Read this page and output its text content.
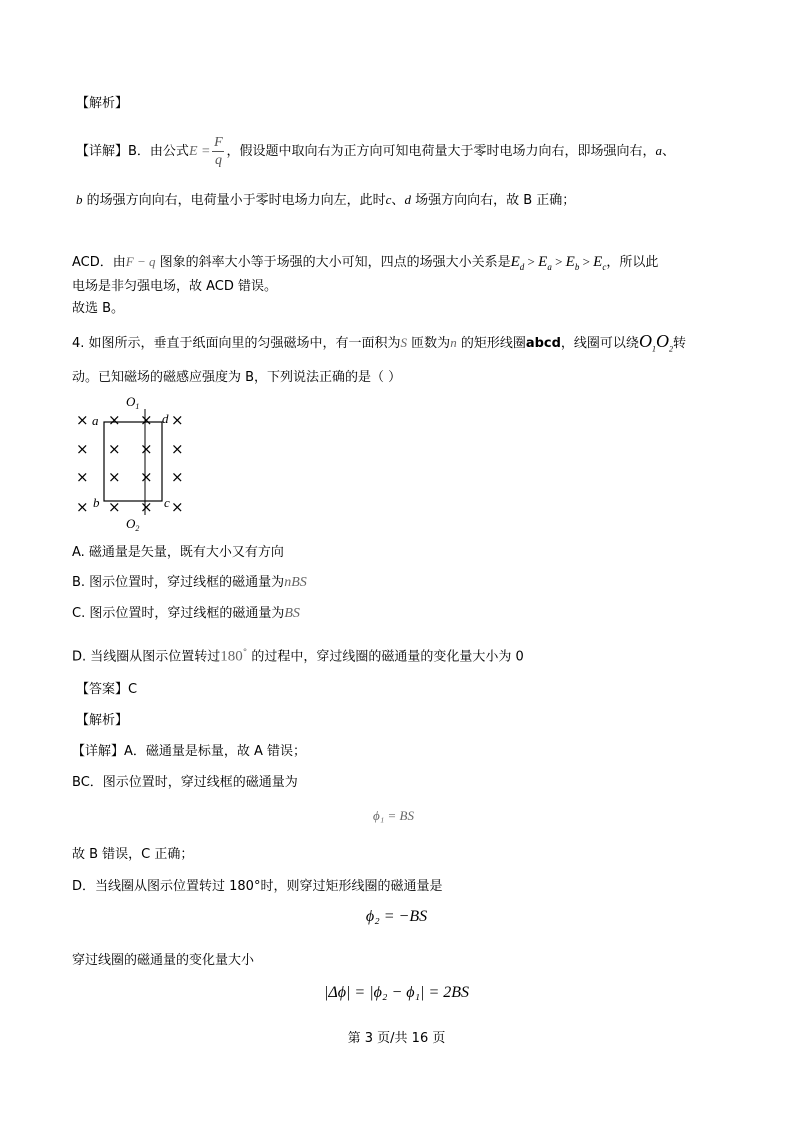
【解析】
【详解】B．由公式$E = \frac{F}{q}$ ，假设题中取向右为正方向可知电荷量大于零时电场力向右，即场强向右，a、
b 的场强方向向右，电荷量小于零时电场力向左，此时c、d 场强方向向右，故 B 正确；
ACD．由F − q 图象的斜率大小等于场强的大小可知，四点的场强大小关系是$E_d > E_a > E_b > E_c$，所以此
电场是非匀强电场，故 ACD 错误。
故选 B。
4. 如图所示，垂直于纸面向里的匀强磁场中，有一面积为S 匝数为n 的矩形线圈abcd，线圈可以绕$O_1O_2$转
动。已知磁场的磁感应强度为 B，下列说法正确的是（ ）
$O_1$
$O_2$
a	d
b	c
× × × ×
× × × ×
× × × ×
× × × ×
A. 磁通量是矢量，既有大小又有方向
B. 图示位置时，穿过线框的磁通量为nBS
C. 图示位置时，穿过线框的磁通量为BS
D. 当线圈从图示位置转过180° 的过程中，穿过线圈的磁通量的变化量大小为 0
【答案】C
【解析】
【详解】A．磁通量是标量，故 A 错误；
BC．图示位置时，穿过线框的磁通量为
ϕ₁ = BS
故 B 错误，C 正确；
D．当线圈从图示位置转过 180°时，则穿过矩形线圈的磁通量是
ϕ₂ = −BS
穿过线圈的磁通量的变化量大小
|Δϕ| = |ϕ₂ − ϕ₁| = 2BS
第 3 页/共 16 页
